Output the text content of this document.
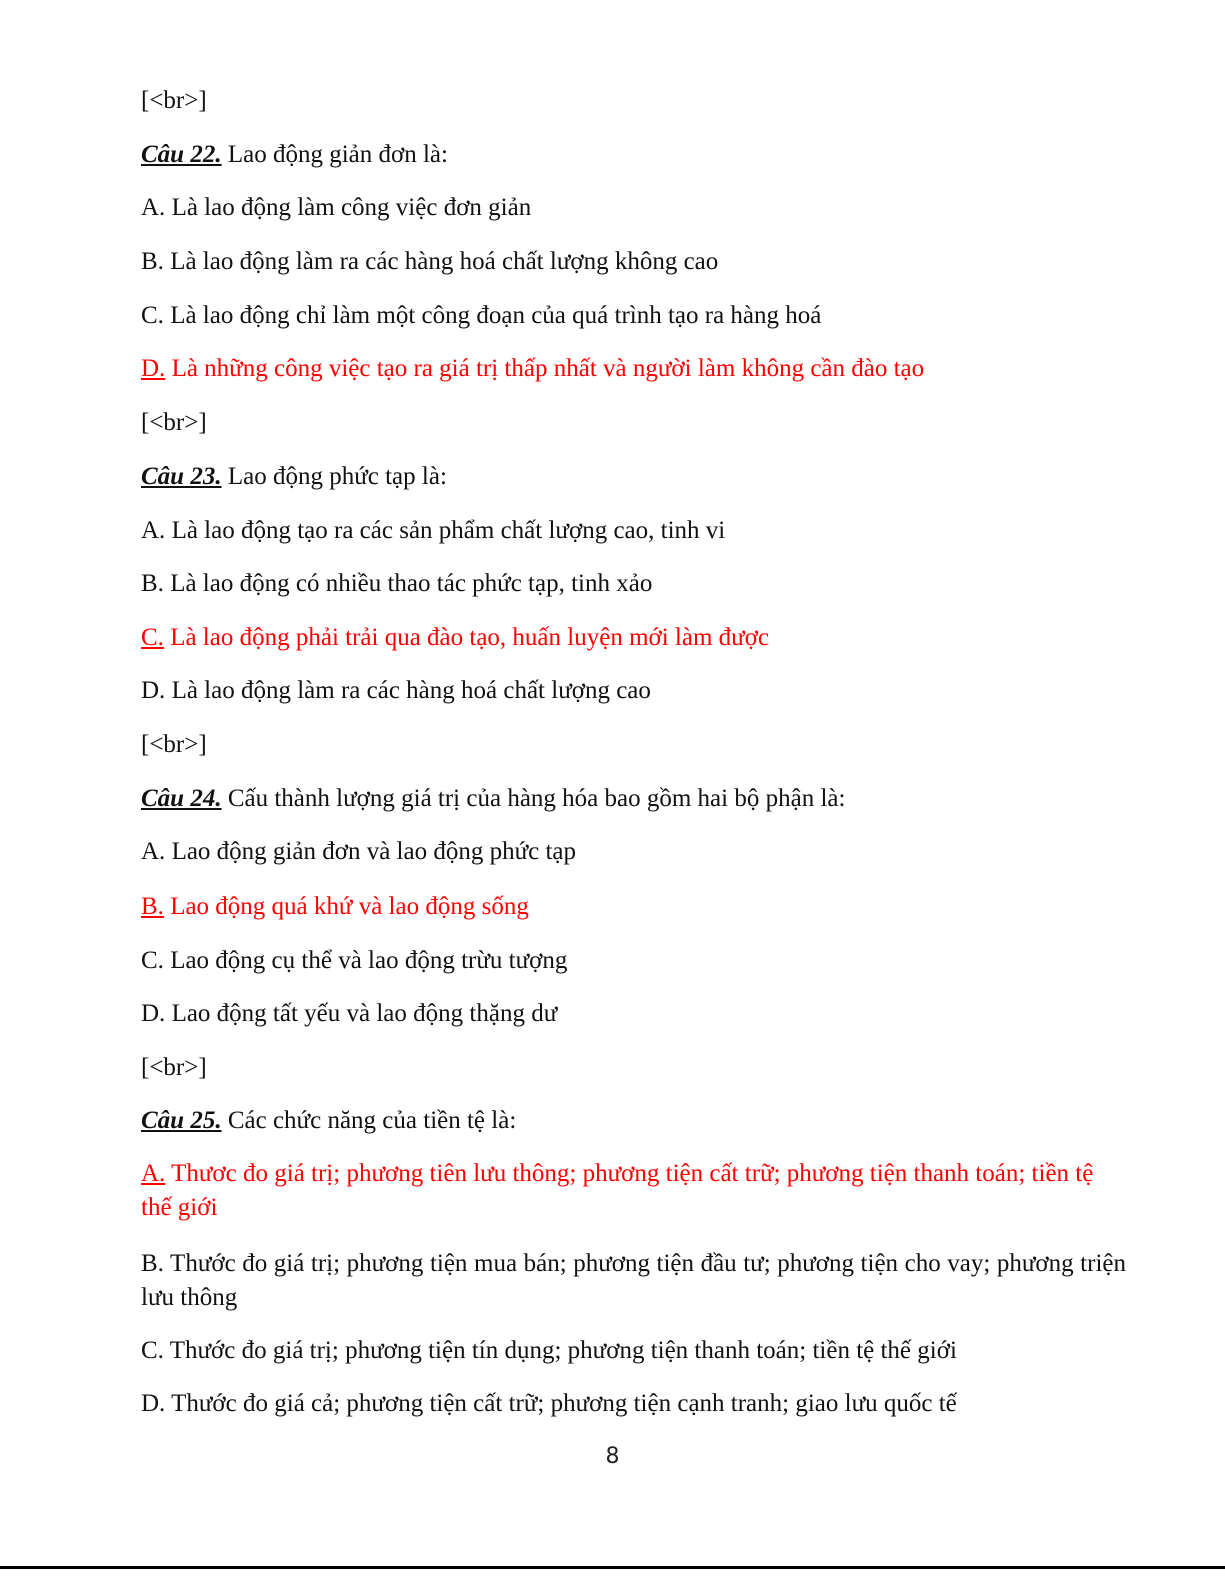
[<br>]
Câu 22. Lao động giản đơn là:
A. Là lao động làm công việc đơn giản
B. Là lao động làm ra các hàng hoá chất lượng không cao
C. Là lao động chỉ làm một công đoạn của quá trình tạo ra hàng hoá
D. Là những công việc tạo ra giá trị thấp nhất và người làm không cần đào tạo
[<br>]
Câu 23. Lao động phức tạp là:
A. Là lao động tạo ra các sản phẩm chất lượng cao, tinh vi
B. Là lao động có nhiều thao tác phức tạp, tinh xảo
C. Là lao động phải trải qua đào tạo, huấn luyện mới làm được
D. Là lao động làm ra các hàng hoá chất lượng cao
[<br>]
Câu 24. Cấu thành lượng giá trị của hàng hóa bao gồm hai bộ phận là:
A. Lao động giản đơn và lao động phức tạp
B. Lao động quá khứ và lao động sống
C. Lao động cụ thể và lao động trừu tượng
D. Lao động tất yếu và lao động thặng dư
[<br>]
Câu 25. Các chức năng của tiền tệ là:
A. Thươc đo giá trị; phương tiên lưu thông; phương tiện cất trữ; phương tiện thanh toán; tiền tệ thế giới
B. Thước đo giá trị; phương tiện mua bán; phương tiện đầu tư; phương tiện cho vay; phương triện lưu thông
C. Thước đo giá trị; phương tiện tín dụng; phương tiện thanh toán; tiền tệ thế giới
D. Thước đo giá cả; phương tiện cất trữ; phương tiện cạnh tranh; giao lưu quốc tế
8
